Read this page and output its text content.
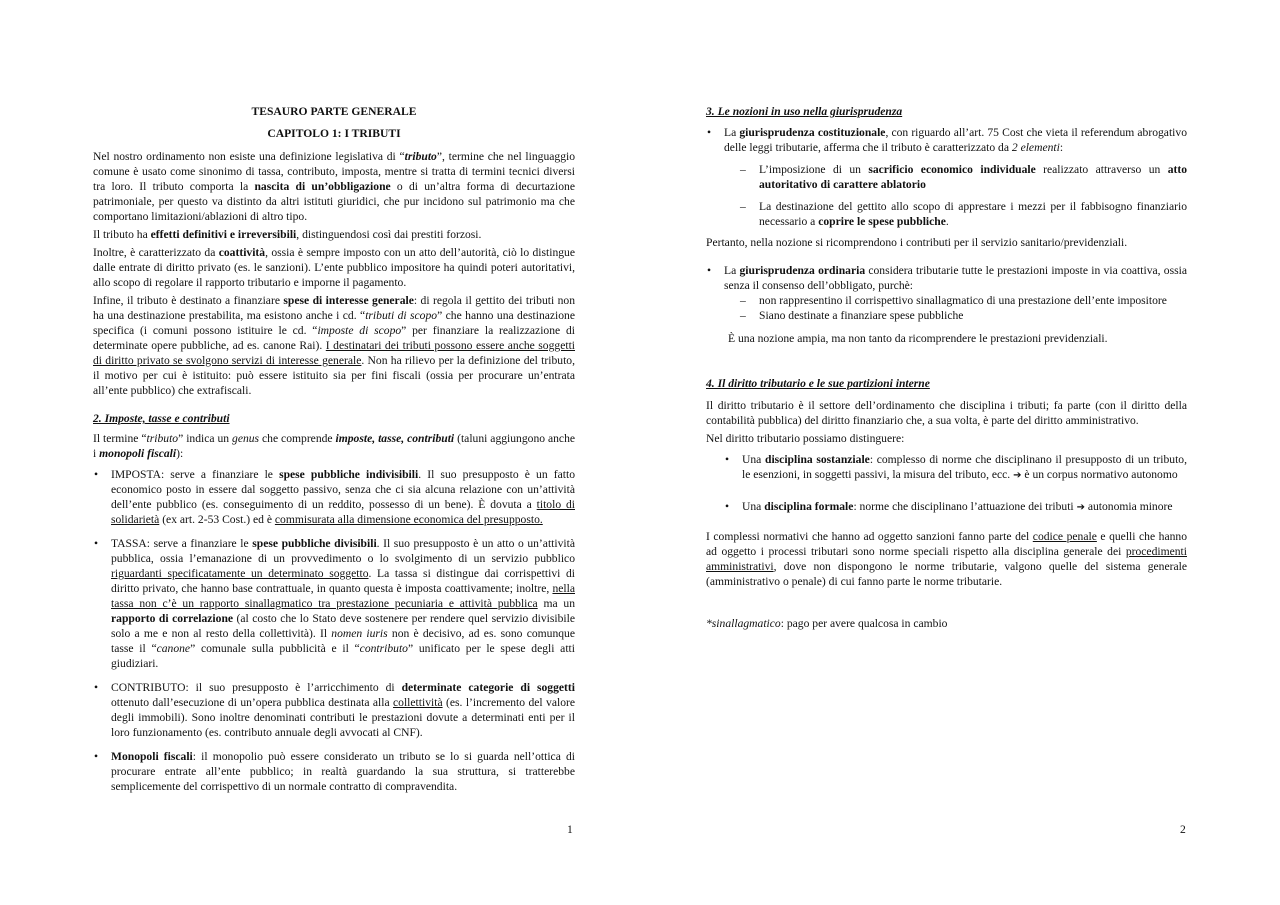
TESAURO PARTE GENERALE

CAPITOLO 1: I TRIBUTI

Nel nostro ordinamento non esiste una definizione legislativa di “tributo”, termine che nel linguaggio comune è usato come sinonimo di tassa, contributo, imposta, mentre si tratta di termini tecnici diversi tra loro. Il tributo comporta la nascita di un’obbligazione o di un’altra forma di decurtazione patrimoniale, per questo va distinto da altri istituti giuridici, che pur incidono sul patrimonio ma che comportano limitazioni/ablazioni di altro tipo.

Il tributo ha effetti definitivi e irreversibili, distinguendosi così dai prestiti forzosi.

Inoltre, è caratterizzato da coattività, ossia è sempre imposto con un atto dell’autorità, ciò lo distingue dalle entrate di diritto privato (es. le sanzioni). L’ente pubblico impositore ha quindi poteri autoritativi, allo scopo di regolare il rapporto tributario e imporne il pagamento.

Infine, il tributo è destinato a finanziare spese di interesse generale: di regola il gettito dei tributi non ha una destinazione prestabilita, ma esistono anche i cd. “tributi di scopo” che hanno una destinazione specifica (i comuni possono istituire le cd. “imposte di scopo” per finanziare la realizzazione di determinate opere pubbliche, ad es. canone Rai). I destinatari dei tributi possono essere anche soggetti di diritto privato se svolgono servizi di interesse generale. Non ha rilievo per la definizione del tributo, il motivo per cui è istituito: può essere istituito sia per fini fiscali (ossia per procurare un’entrata all’ente pubblico) che extrafiscali.

2. Imposte, tasse e contributi

Il termine “tributo” indica un genus che comprende imposte, tasse, contributi (taluni aggiungono anche i monopoli fiscali):

• IMPOSTA: serve a finanziare le spese pubbliche indivisibili. Il suo presupposto è un fatto economico posto in essere dal soggetto passivo, senza che ci sia alcuna relazione con un’attività dell’ente pubblico (es. conseguimento di un reddito, possesso di un bene). È dovuta a titolo di solidarietà (ex art. 2-53 Cost.) ed è commisurata alla dimensione economica del presupposto.
• TASSA: serve a finanziare le spese pubbliche divisibili. Il suo presupposto è un atto o un’attività pubblica, ossia l’emanazione di un provvedimento o lo svolgimento di un servizio pubblico riguardanti specificatamente un determinato soggetto. La tassa si distingue dai corrispettivi di diritto privato, che hanno base contrattuale, in quanto questa è imposta coattivamente; inoltre, nella tassa non c’è un rapporto sinallagmatico tra prestazione pecuniaria e attività pubblica ma un rapporto di correlazione (al costo che lo Stato deve sostenere per rendere quel servizio divisibile solo a me e non al resto della collettività). Il nomen iuris non è decisivo, ad es. sono comunque tasse il “canone” comunale sulla pubblicità e il “contributo” unificato per le spese degli atti giudiziari.
• CONTRIBUTO: il suo presupposto è l’arricchimento di determinate categorie di soggetti ottenuto dall’esecuzione di un’opera pubblica destinata alla collettività (es. l’incremento del valore degli immobili). Sono inoltre denominati contributi le prestazioni dovute a determinati enti per il loro funzionamento (es. contributo annuale degli avvocati al CNF).
• Monopoli fiscali: il monopolio può essere considerato un tributo se lo si guarda nell’ottica di procurare entrate all’ente pubblico; in realtà guardando la sua struttura, si tratterebbe semplicemente del corrispettivo di un normale contratto di compravendita.
1

3. Le nozioni in uso nella giurisprudenza

• La giurisprudenza costituzionale, con riguardo all’art. 75 Cost che vieta il referendum abrogativo delle leggi tributarie, afferma che il tributo è caratterizzato da 2 elementi:
– L’imposizione di un sacrificio economico individuale realizzato attraverso un atto autoritativo di carattere ablatorio
– La destinazione del gettito allo scopo di apprestare i mezzi per il fabbisogno finanziario necessario a coprire le spese pubbliche.

Pertanto, nella nozione si ricomprendono i contributi per il servizio sanitario/previdenziali.

• La giurisprudenza ordinaria considera tributarie tutte le prestazioni imposte in via coattiva, ossia senza il consenso dell’obbligato, purchè:
– non rappresentino il corrispettivo sinallagmatico di una prestazione dell’ente impositore
– Siano destinate a finanziare spese pubbliche

È una nozione ampia, ma non tanto da ricomprendere le prestazioni previdenziali.

4. Il diritto tributario e le sue partizioni interne

Il diritto tributario è il settore dell’ordinamento che disciplina i tributi; fa parte (con il diritto della contabilità pubblica) del diritto finanziario che, a sua volta, è parte del diritto amministrativo.

Nel diritto tributario possiamo distinguere:

• Una disciplina sostanziale: complesso di norme che disciplinano il presupposto di un tributo, le esenzioni, in soggetti passivi, la misura del tributo, ecc. ➔ è un corpus normativo autonomo
• Una disciplina formale: norme che disciplinano l’attuazione dei tributi ➔ autonomia minore

I complessi normativi che hanno ad oggetto sanzioni fanno parte del codice penale e quelli che hanno ad oggetto i processi tributari sono norme speciali rispetto alla disciplina generale dei procedimenti amministrativi, dove non dispongono le norme tributarie, valgono quelle del sistema generale (amministrativo o penale) di cui fanno parte le norme tributarie.

*sinallagmatico: pago per avere qualcosa in cambio

2
